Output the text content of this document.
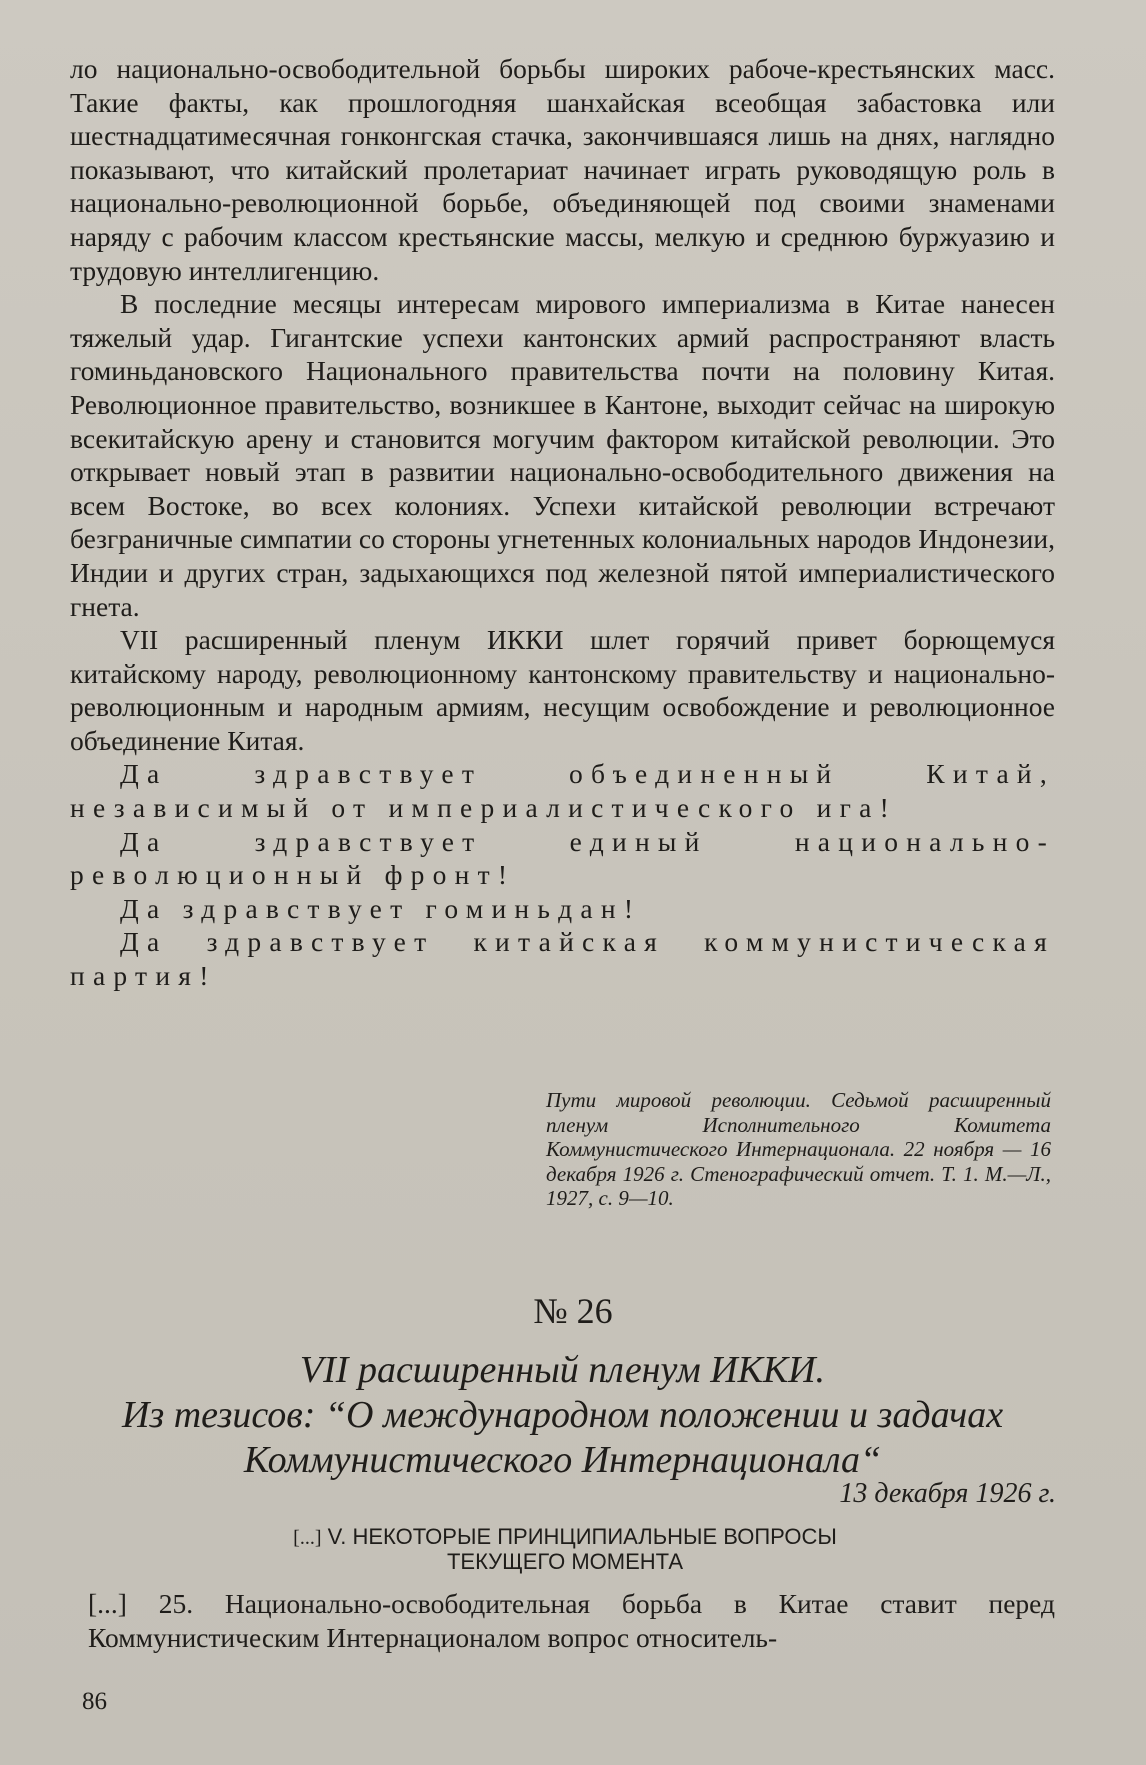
ло национально-освободительной борьбы широких рабоче-крестьянских масс. Такие факты, как прошлогодняя шанхайская всеобщая забастовка или шестнадцатимесячная гонконгская стачка, закончившаяся лишь на днях, наглядно показывают, что китайский пролетариат начинает играть руководящую роль в национально-революционной борьбе, объединяющей под своими знаменами наряду с рабочим классом крестьянские массы, мелкую и среднюю буржуазию и трудовую интеллигенцию.

В последние месяцы интересам мирового империализма в Китае нанесен тяжелый удар. Гигантские успехи кантонских армий распространяют власть гоминьдановского Национального правительства почти на половину Китая. Революционное правительство, возникшее в Кантоне, выходит сейчас на широкую всекитайскую арену и становится могучим фактором китайской революции. Это открывает новый этап в развитии национально-освободительного движения на всем Востоке, во всех колониях. Успехи китайской революции встречают безграничные симпатии со стороны угнетенных колониальных народов Индонезии, Индии и других стран, задыхающихся под железной пятой империалистического гнета.

VII расширенный пленум ИККИ шлет горячий привет борющемуся китайскому народу, революционному кантонскому правительству и национально-революционным и народным армиям, несущим освобождение и революционное объединение Китая.

Да здравствует объединенный Китай, независимый от империалистического ига!

Да здравствует единый национально-революционный фронт!

Да здравствует гоминьдан!

Да здравствует китайская коммунистическая партия!

Пути мировой революции. Седьмой расширенный пленум Исполнительного Комитета Коммунистического Интернационала. 22 ноября — 16 декабря 1926 г. Стенографический отчет. Т. 1. М.—Л., 1927, с. 9—10.
№ 26
VII расширенный пленум ИККИ.
Из тезисов: “О международном положении и задачах
Коммунистического Интернационала“
13 декабря 1926 г.
[...] V. НЕКОТОРЫЕ ПРИНЦИПИАЛЬНЫЕ ВОПРОСЫ
ТЕКУЩЕГО МОМЕНТА

[...] 25. Национально-освободительная борьба в Китае ставит перед Коммунистическим Интернационалом вопрос относитель-

86
